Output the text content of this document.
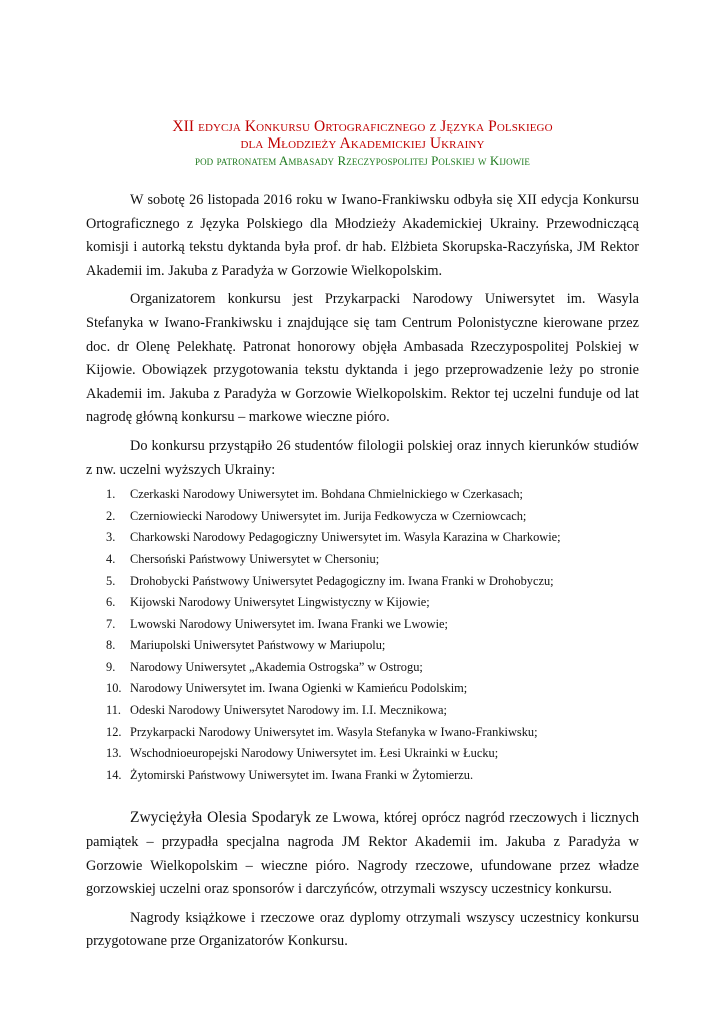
XII edycja Konkursu Ortograficznego z Języka Polskiego
dla Młodzieży Akademickiej Ukrainy
pod patronatem Ambasady Rzeczypospolitej Polskiej w Kijowie

W sobotę 26 listopada 2016 roku w Iwano-Frankiwsku odbyła się XII edycja Konkursu Ortograficznego z Języka Polskiego dla Młodzieży Akademickiej Ukrainy. Przewodniczącą komisji i autorką tekstu dyktanda była prof. dr hab. Elżbieta Skorupska-Raczyńska, JM Rektor Akademii im. Jakuba z Paradyża w Gorzowie Wielkopolskim.

Organizatorem konkursu jest Przykarpacki Narodowy Uniwersytet im. Wasyla Stefanyka w Iwano-Frankiwsku i znajdujące się tam Centrum Polonistyczne kierowane przez doc. dr Olenę Pelekhatę. Patronat honorowy objęła Ambasada Rzeczypospolitej Polskiej w Kijowie. Obowiązek przygotowania tekstu dyktanda i jego przeprowadzenie leży po stronie Akademii im. Jakuba z Paradyża w Gorzowie Wielkopolskim. Rektor tej uczelni funduje od lat nagrodę główną konkursu – markowe wieczne pióro.

Do konkursu przystąpiło 26 studentów filologii polskiej oraz innych kierunków studiów z nw. uczelni wyższych Ukrainy:

1.	Czerkaski Narodowy Uniwersytet im. Bohdana Chmielnickiego w Czerkasach;
2.	Czerniowiecki Narodowy Uniwersytet im. Jurija Fedkowycza w Czerniowcach;
3.	Charkowski Narodowy Pedagogiczny Uniwersytet im. Wasyla Karazina w Charkowie;
4.	Chersoński Państwowy Uniwersytet w Chersoniu;
5.	Drohobycki Państwowy Uniwersytet Pedagogiczny im. Iwana Franki w Drohobyczu;
6.	Kijowski Narodowy Uniwersytet Lingwistyczny w Kijowie;
7.	Lwowski Narodowy Uniwersytet im. Iwana Franki we Lwowie;
8.	Mariupolski Uniwersytet Państwowy w Mariupolu;
9.	Narodowy Uniwersytet „Akademia Ostrogska” w Ostrogu;
10. Narodowy Uniwersytet im. Iwana Ogienki w Kamieńcu Podolskim;
11. Odeski Narodowy Uniwersytet Narodowy im. I.I. Mecznikowa;
12. Przykarpacki Narodowy Uniwersytet im. Wasyla Stefanyka w Iwano-Frankiwsku;
13. Wschodnioeuropejski Narodowy Uniwersytet im. Łesi Ukrainki w Łucku;
14. Żytomirski Państwowy Uniwersytet im. Iwana Franki w Żytomierzu.

Zwyciężyła Olesia Spodaryk ze Lwowa, której oprócz nagród rzeczowych i licznych pamiątek – przypadła specjalna nagroda JM Rektor Akademii im. Jakuba z Paradyża w Gorzowie Wielkopolskim – wieczne pióro. Nagrody rzeczowe, ufundowane przez władze gorzowskiej uczelni oraz sponsorów i darczyńców, otrzymali wszyscy uczestnicy konkursu.

Nagrody książkowe i rzeczowe oraz dyplomy otrzymali wszyscy uczestnicy konkursu przygotowane prze Organizatorów Konkursu.
